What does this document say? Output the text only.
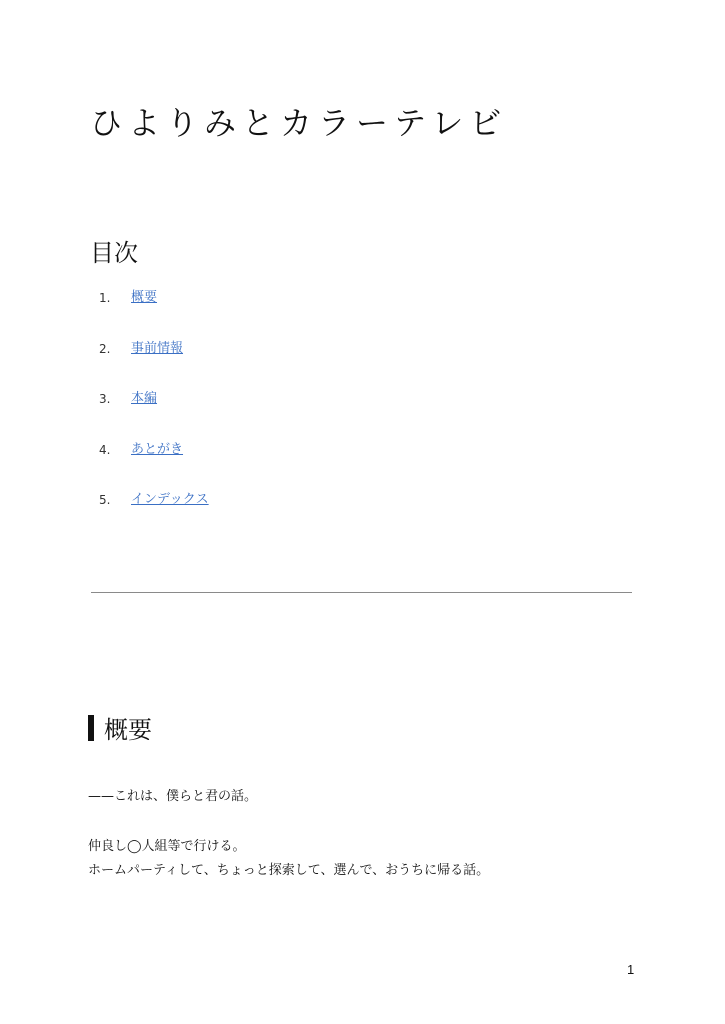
ひよりみとカラーテレビ
目次
1.	概要
2.	事前情報
3.	本編
4.	あとがき
5.	インデックス
概要

——これは、僕らと君の話。

仲良し◯人組等で行ける。

ホームパーティして、ちょっと探索して、選んで、おうちに帰る話。

1
